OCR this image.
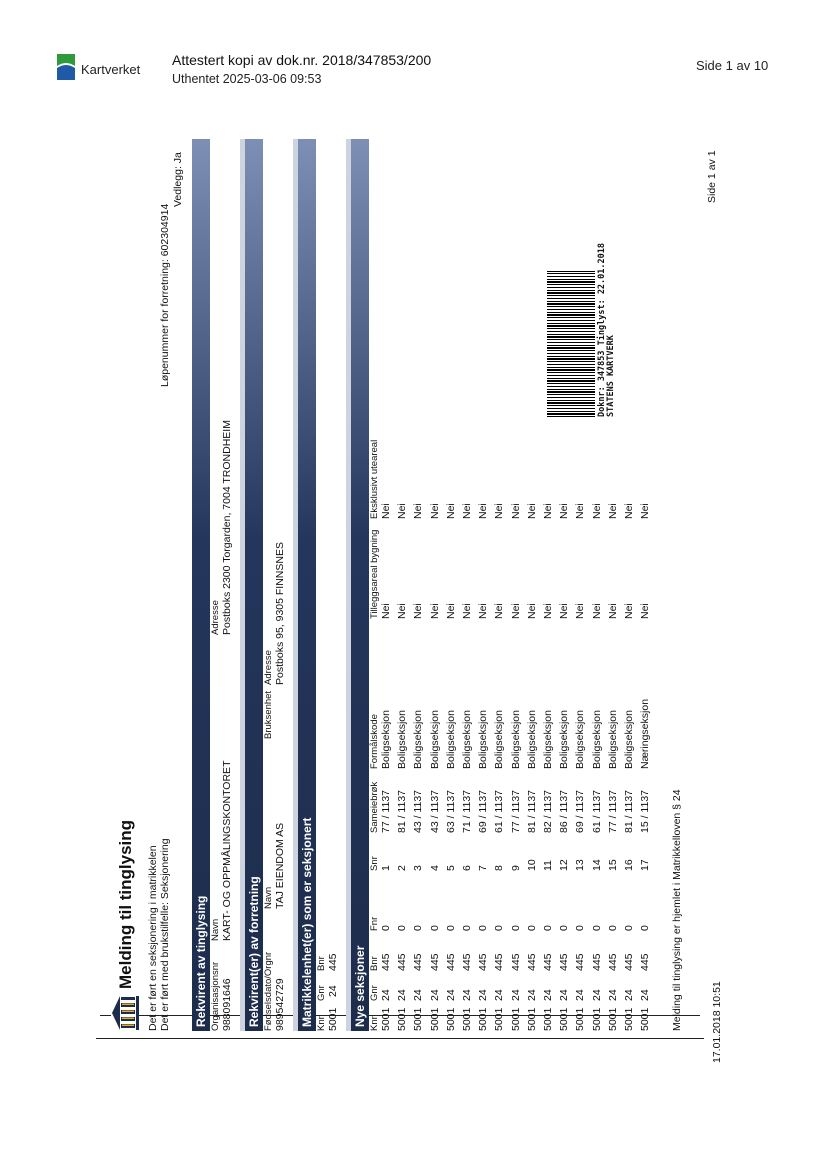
Kartverket
Attestert kopi av dok.nr. 2018/347853/200
Uthentet 2025-03-06 09:53
Side 1 av 10
Melding til tinglysing Det er ført en seksjonering i matrikkelen Det er ført med brukstilfelle: Seksjonering
Løpenummer for forretning: 602304914
Vedlegg: Ja
Rekvirent av tinglysing Organisasjonsnr
Navn
Adresse
988091646
KART- OG OPPMÅLINGSKONTORET
Postboks 2300 Torgarden, 7004 TRONDHEIM
Rekvirent(er) av forretning Fødselsdato/Orgnr
Navn
Bruksenhet
Adresse
989542729
TAJ EIENDOM AS
Postboks 95, 9305 FINNSNES
Matrikkelenhet(er) som er seksjonert Knr
Gnr
Bnr
5001
24
445 Nye seksjoner Knr
Gnr
Bnr
Fnr
Snr
Sameiebrøk
Formålskode
Tilleggsareal bygning
Eksklusivt uteareal
5001
24
445
0
1
77 / 1137
Boligseksjon
Nei
Nei
5001
24
445
0
2
81 / 1137
Boligseksjon
Nei
Nei
5001
24
445
0
3
43 / 1137
Boligseksjon
Nei
Nei
5001
24
445
0
4
43 / 1137
Boligseksjon
Nei
Nei
5001
24
445
0
5
63 / 1137
Boligseksjon
Nei
Nei
5001
24
445
0
6
71 / 1137
Boligseksjon
Nei
Nei
5001
24
445
0
7
69 / 1137
Boligseksjon
Nei
Nei
5001
24
445
0
8
61 / 1137
Boligseksjon
Nei
Nei
5001
24
445
0
9
77 / 1137
Boligseksjon
Nei
Nei
5001
24
445
0
10
81 / 1137
Boligseksjon
Nei
Nei
5001
24
445
0
11
82 / 1137
Boligseksjon
Nei
Nei
5001
24
445
0
12
86 / 1137
Boligseksjon
Nei
Nei
5001
24
445
0
13
69 / 1137
Boligseksjon
Nei
Nei
5001
24
445
0
14
61 / 1137
Boligseksjon
Nei
Nei
5001
24
445
0
15
77 / 1137
Boligseksjon
Nei
Nei
5001
24
445
0
16
81 / 1137
Boligseksjon
Nei
Nei
5001
24
445
0
17
15 / 1137
Næringseksjon
Nei
Nei
Melding til tinglysing er hjemlet i Matrikkelloven § 24
Doknr: 347853 Tinglyst: 22.01.2018 STATENS KARTVERK
Side 1 av 1
17.01.2018 10:51
